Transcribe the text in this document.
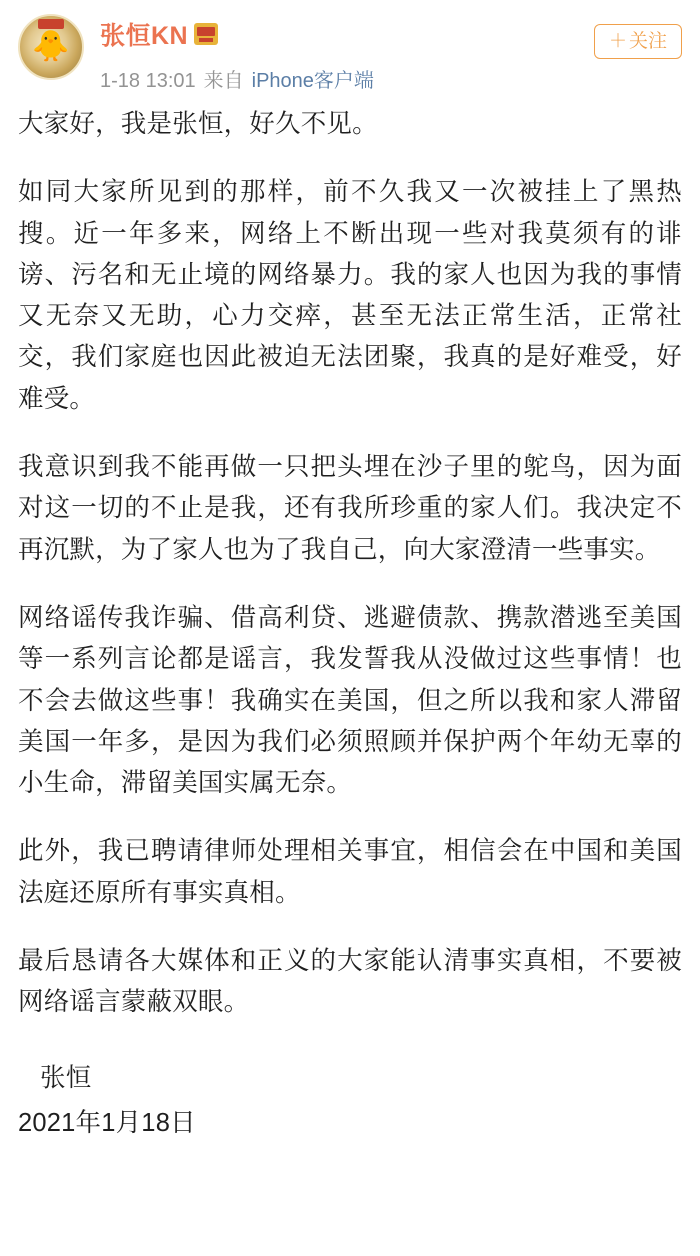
🐥 张恒KN
1-18 13:01 来自 iPhone客户端
＋ 关注

大家好，我是张恒，好久不见。

如同大家所见到的那样，前不久我又一次被挂上了黑热搜。近一年多来，网络上不断出现一些对我莫须有的诽谤、污名和无止境的网络暴力。我的家人也因为我的事情又无奈又无助，心力交瘁，甚至无法正常生活，正常社交，我们家庭也因此被迫无法团聚，我真的是好难受，好难受。

我意识到我不能再做一只把头埋在沙子里的鸵鸟，因为面对这一切的不止是我，还有我所珍重的家人们。我决定不再沉默，为了家人也为了我自己，向大家澄清一些事实。

网络谣传我诈骗、借高利贷、逃避债款、携款潜逃至美国等一系列言论都是谣言，我发誓我从没做过这些事情！也不会去做这些事！我确实在美国，但之所以我和家人滞留美国一年多，是因为我们必须照顾并保护两个年幼无辜的小生命，滞留美国实属无奈。

此外，我已聘请律师处理相关事宜，相信会在中国和美国法庭还原所有事实真相。

最后恳请各大媒体和正义的大家能认清事实真相，不要被网络谣言蒙蔽双眼。

张恒

2021年1月18日
